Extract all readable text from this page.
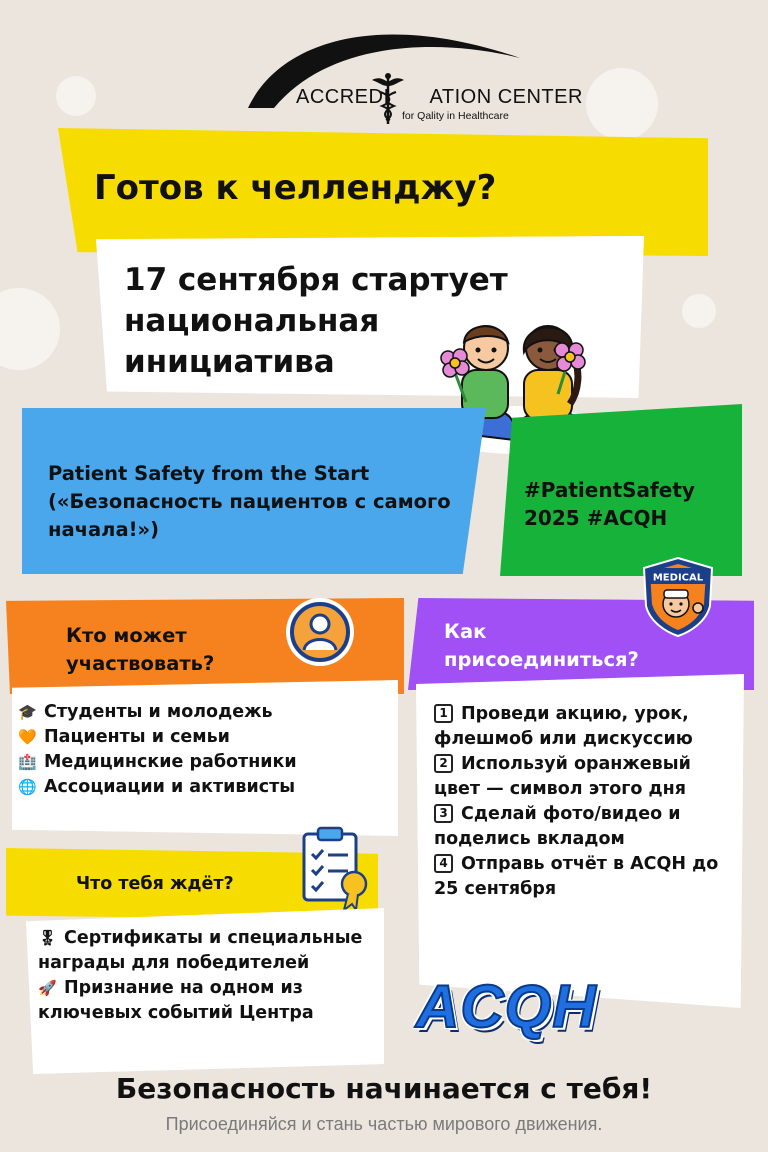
ACCREDI ATION CENTER
for Qality in Healthcare
Готов к челленджу?
17 сентября стартует национальная инициатива
Patient Safety from the Start («Безопасность пациентов с самого начала!»)
#PatientSafety 2025 #ACQH
Кто может участвовать?
Как присоединиться?
MEDICAL
🎓 Студенты и молодежь
🧡 Пациенты и семьи
🏥 Медицинские работники
🌐 Ассоциации и активисты
1 Проведи акцию, урок, флешмоб или дискуссию
2 Используй оранжевый цвет — символ этого дня
3 Сделай фото/видео и поделись вкладом
4 Отправь отчёт в ACQH до 25 сентября
Что тебя ждёт?
🎖 Сертификаты и специальные награды для победителей
🚀 Признание на одном из ключевых событий Центра	ACQH
Безопасность начинается с тебя!
Присоединяйся и стань частью мирового движения.
